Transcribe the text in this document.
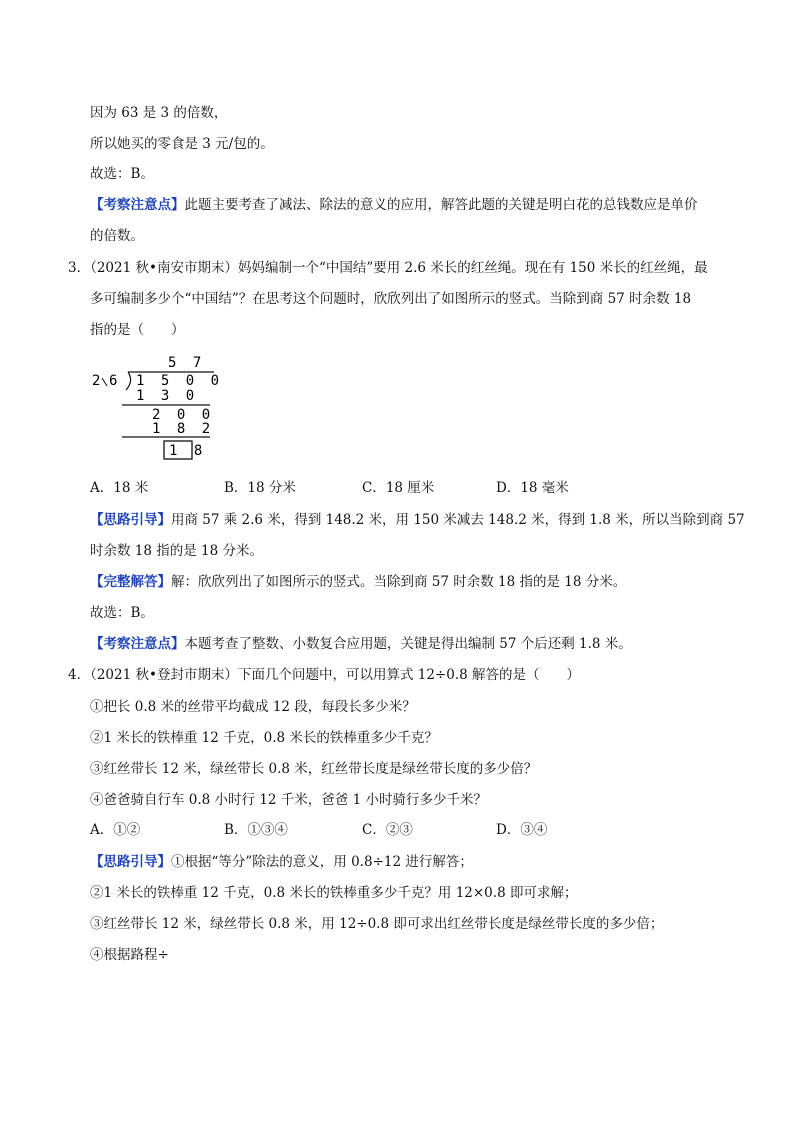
因为 63 是 3 的倍数，
所以她买的零食是 3 元/包的。
故选：B。
【考察注意点】此题主要考查了减法、除法的意义的应用，解答此题的关键是明白花的总钱数应是单价
的倍数。
3．（2021 秋•南安市期末）妈妈编制一个“中国结”要用 2.6 米长的红丝绳。现在有 150 米长的红丝绳，最
多可编制多少个“中国结”？在思考这个问题时，欣欣列出了如图所示的竖式。当除到商 57 时余数 18
指的是（　　）
5 7
2 6 1 5 0 0
1 3 0
2 0 0
1 8 2
1 8
A．18 米	B．18 分米	C．18 厘米	D．18 毫米
【思路引导】用商 57 乘 2.6 米，得到 148.2 米，用 150 米减去 148.2 米，得到 1.8 米，所以当除到商 57
时余数 18 指的是 18 分米。
【完整解答】解：欣欣列出了如图所示的竖式。当除到商 57 时余数 18 指的是 18 分米。
故选：B。
【考察注意点】本题考查了整数、小数复合应用题，关键是得出编制 57 个后还剩 1.8 米。
4．（2021 秋•登封市期末）下面几个问题中，可以用算式 12÷0.8 解答的是（　　）
①把长 0.8 米的丝带平均截成 12 段，每段长多少米？
②1 米长的铁棒重 12 千克，0.8 米长的铁棒重多少千克？
③红丝带长 12 米，绿丝带长 0.8 米，红丝带长度是绿丝带长度的多少倍？
④爸爸骑自行车 0.8 小时行 12 千米，爸爸 1 小时骑行多少千米？
A．①②	B．①③④	C．②③	D．③④
【思路引导】①根据“等分”除法的意义，用 0.8÷12 进行解答；
②1 米长的铁棒重 12 千克，0.8 米长的铁棒重多少千克？用 12×0.8 即可求解；
③红丝带长 12 米，绿丝带长 0.8 米，用 12÷0.8 即可求出红丝带长度是绿丝带长度的多少倍；
④根据路程÷
